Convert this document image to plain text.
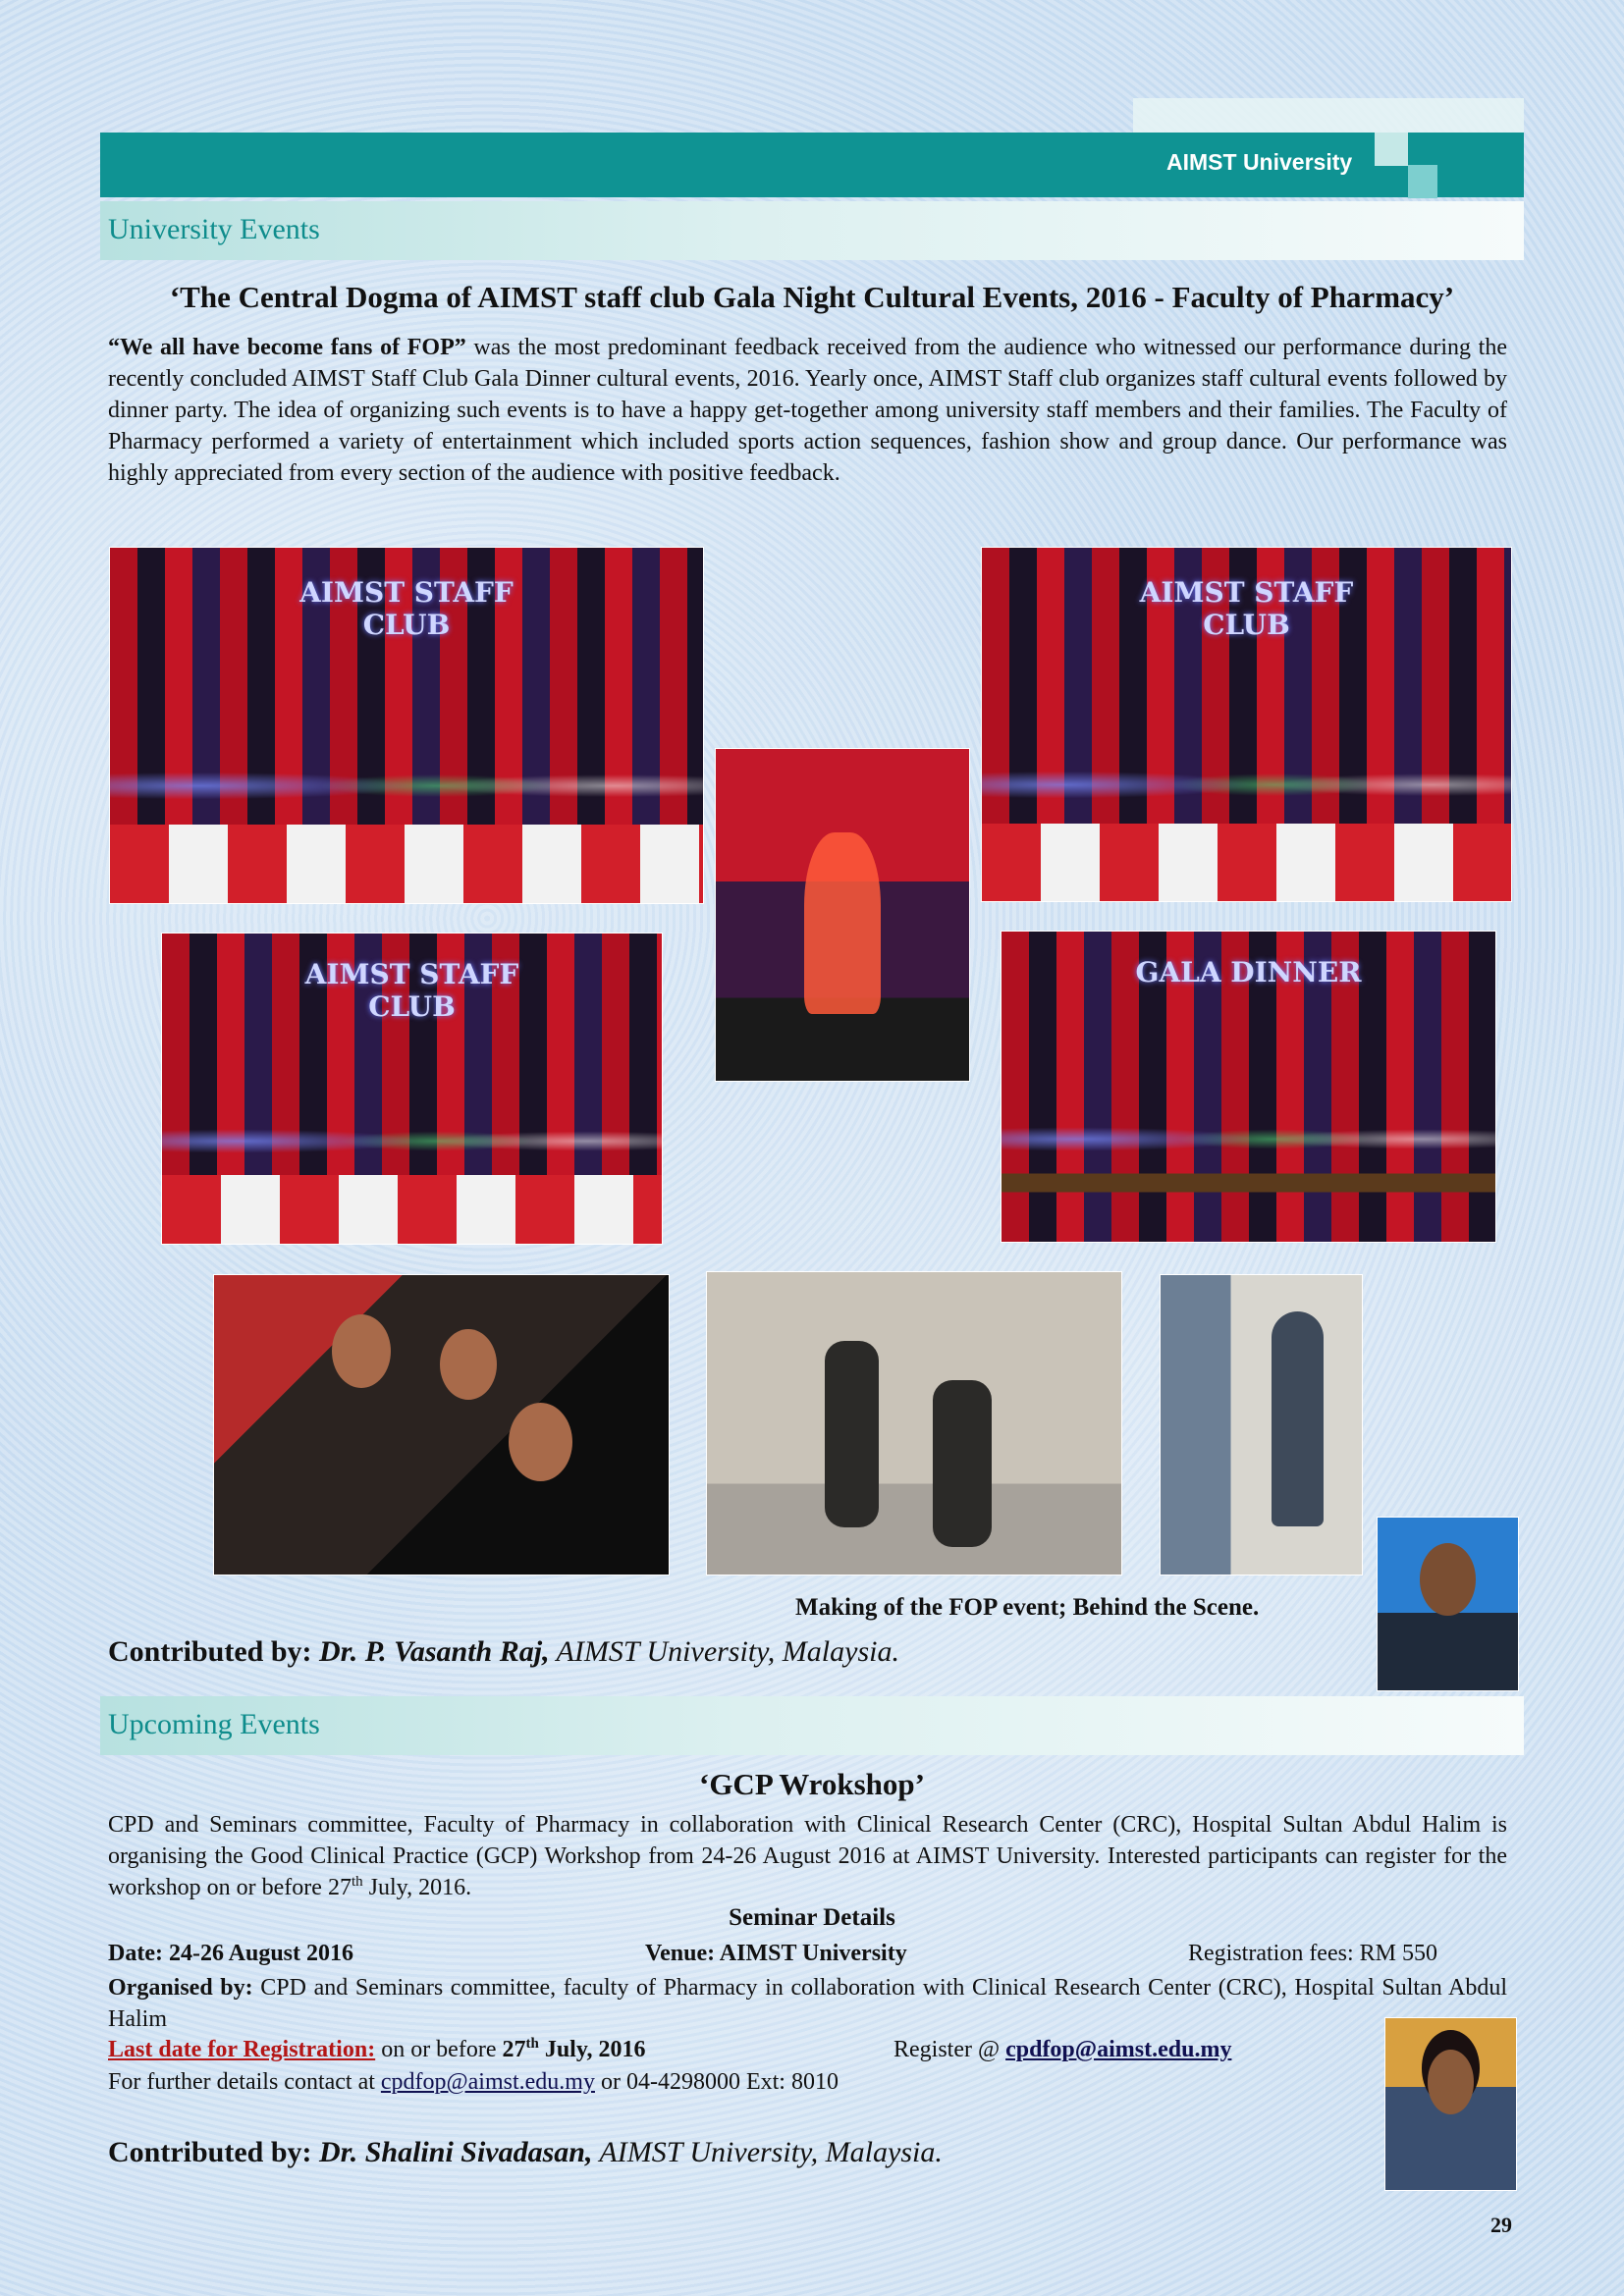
AIMST University
University Events
‘The Central Dogma of AIMST staff club Gala Night Cultural Events, 2016 - Faculty of Pharmacy’
“We all have become fans of FOP” was the most predominant feedback received from the audience who witnessed our performance during the recently concluded AIMST Staff Club Gala Dinner cultural events, 2016. Yearly once, AIMST Staff club organizes staff cultural events followed by dinner party. The idea of organizing such events is to have a happy get-together among university staff members and their families. The Faculty of Pharmacy performed a variety of entertainment which included sports action sequences, fashion show and group dance. Our performance was highly appreciated from every section of the audience with positive feedback.
AIMST STAFF CLUB
AIMST STAFF CLUB
AIMST STAFF CLUB
GALA DINNER
Making of the FOP event; Behind the Scene.
Contributed by: Dr. P. Vasanth Raj, AIMST University, Malaysia.
Upcoming Events
‘GCP Wrokshop’
CPD and Seminars committee, Faculty of Pharmacy in collaboration with Clinical Research Center (CRC), Hospital Sultan Abdul Halim is organising the Good Clinical Practice (GCP) Workshop from 24-26 August 2016 at AIMST University. Interested participants can register for the workshop on or before 27th July, 2016.
Seminar Details
Date: 24-26 August 2016	Venue: AIMST University	Registration fees: RM 550
Organised by: CPD and Seminars committee, faculty of Pharmacy in collaboration with Clinical Research Center (CRC), Hospital Sultan Abdul Halim
Last date for Registration: on or before 27th July, 2016	Register @ cpdfop@aimst.edu.my
For further details contact at cpdfop@aimst.edu.my or 04-4298000 Ext: 8010
Contributed by: Dr. Shalini Sivadasan, AIMST University, Malaysia.
29
